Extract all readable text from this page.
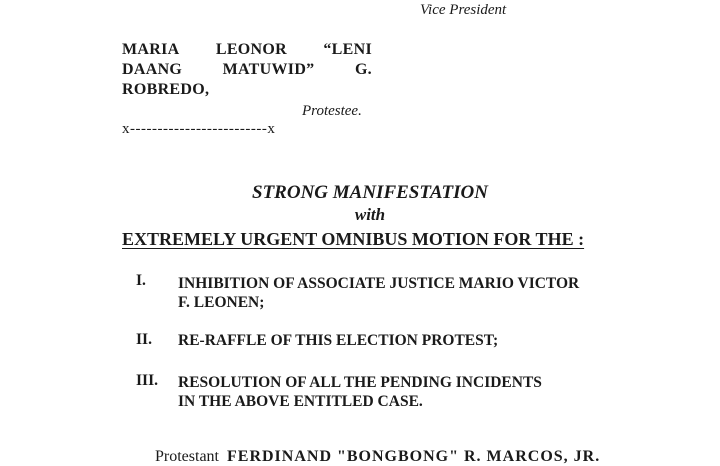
Vice President
MARIA LEONOR “LENI
DAANG	MATUWID”	G.
ROBREDO,
Protestee.
x-------------------------x
STRONG MANIFESTATION
with
EXTREMELY URGENT OMNIBUS MOTION FOR THE :
I. INHIBITION OF ASSOCIATE JUSTICE MARIO VICTOR
F. LEONEN;
II. RE-RAFFLE OF THIS ELECTION PROTEST;
III. RESOLUTION OF ALL THE PENDING INCIDENTS
IN THE ABOVE ENTITLED CASE.
Protestant FERDINAND "BONGBONG" R. MARCOS, JR.
